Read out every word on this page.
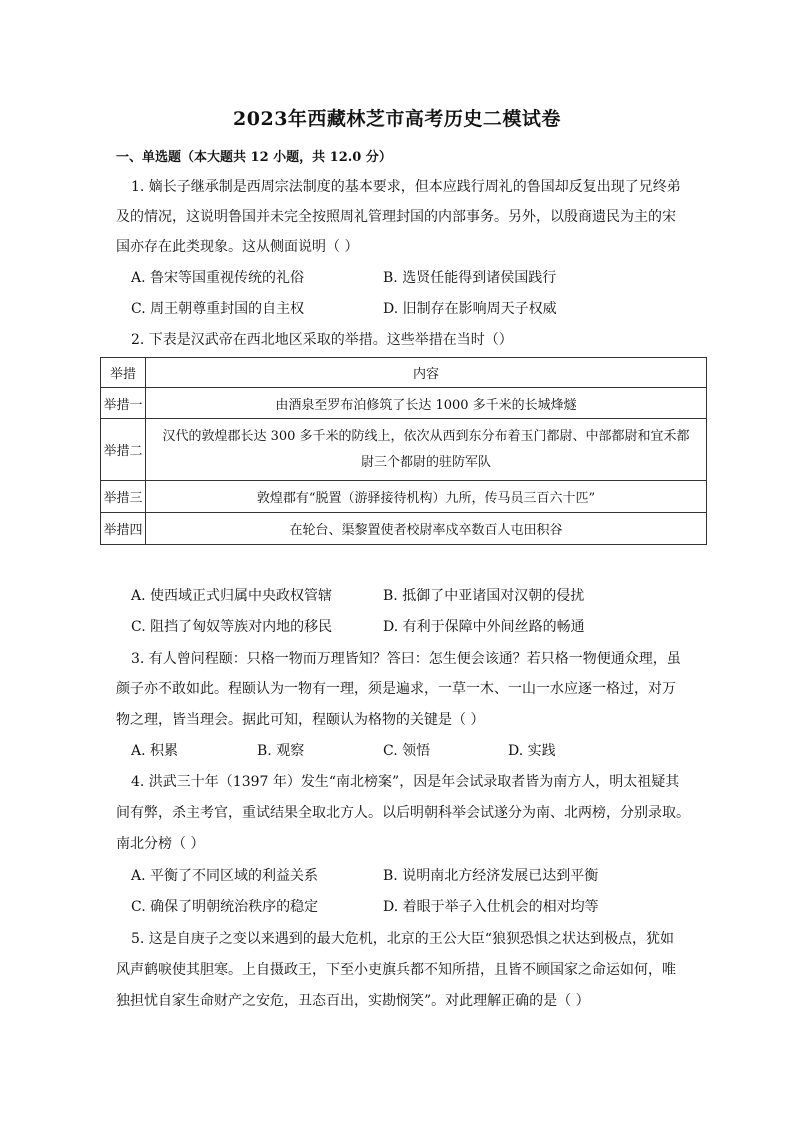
2023年西藏林芝市高考历史二模试卷
一、单选题（本大题共 12 小题，共 12.0 分）
1. 嫡长子继承制是西周宗法制度的基本要求，但本应践行周礼的鲁国却反复出现了兄终弟
及的情况，这说明鲁国并未完全按照周礼管理封国的内部事务。另外，以殷商遗民为主的宋
国亦存在此类现象。这从侧面说明（ ）
A. 鲁宋等国重视传统的礼俗	B. 选贤任能得到诸侯国践行
C. 周王朝尊重封国的自主权	D. 旧制存在影响周天子权威
2. 下表是汉武帝在西北地区采取的举措。这些举措在当时（）
举措	内容
举措一	由酒泉至罗布泊修筑了长达 1000 多千米的长城烽燧
举措二	汉代的敦煌郡长达 300 多千米的防线上，依次从西到东分布着玉门都尉、中部都尉和宜禾都
尉三个都尉的驻防军队

举措三	敦煌郡有“脱置（游驿接待机构）九所，传马员三百六十匹”
举措四	在轮台、渠黎置使者校尉率戍卒数百人屯田积谷
A. 使西域正式归属中央政权管辖	B. 抵御了中亚诸国对汉朝的侵扰
C. 阻挡了匈奴等族对内地的移民	D. 有利于保障中外间丝路的畅通
3. 有人曾问程颐：只格一物而万理皆知？答曰：怎生便会该通？若只格一物便通众理，虽
颜子亦不敢如此。程颐认为一物有一理，须是遍求，一草一木、一山一水应逐一格过，对万
物之理，皆当理会。据此可知，程颐认为格物的关键是（ ）
A. 积累	B. 观察	C. 领悟	D. 实践
4. 洪武三十年（1397 年）发生“南北榜案”，因是年会试录取者皆为南方人，明太祖疑其
间有弊，杀主考官，重试结果全取北方人。以后明朝科举会试遂分为南、北两榜，分别录取。
南北分榜（ ）
A. 平衡了不同区域的利益关系	B. 说明南北方经济发展已达到平衡
C. 确保了明朝统治秩序的稳定	D. 着眼于举子入仕机会的相对均等
5. 这是自庚子之变以来遇到的最大危机，北京的王公大臣“狼狈恐惧之状达到极点，犹如
风声鹤唳使其胆寒。上自摄政王，下至小吏旗兵都不知所措，且皆不顾国家之命运如何，唯
独担忧自家生命财产之安危，丑态百出，实勘悯笑”。对此理解正确的是（ ）
